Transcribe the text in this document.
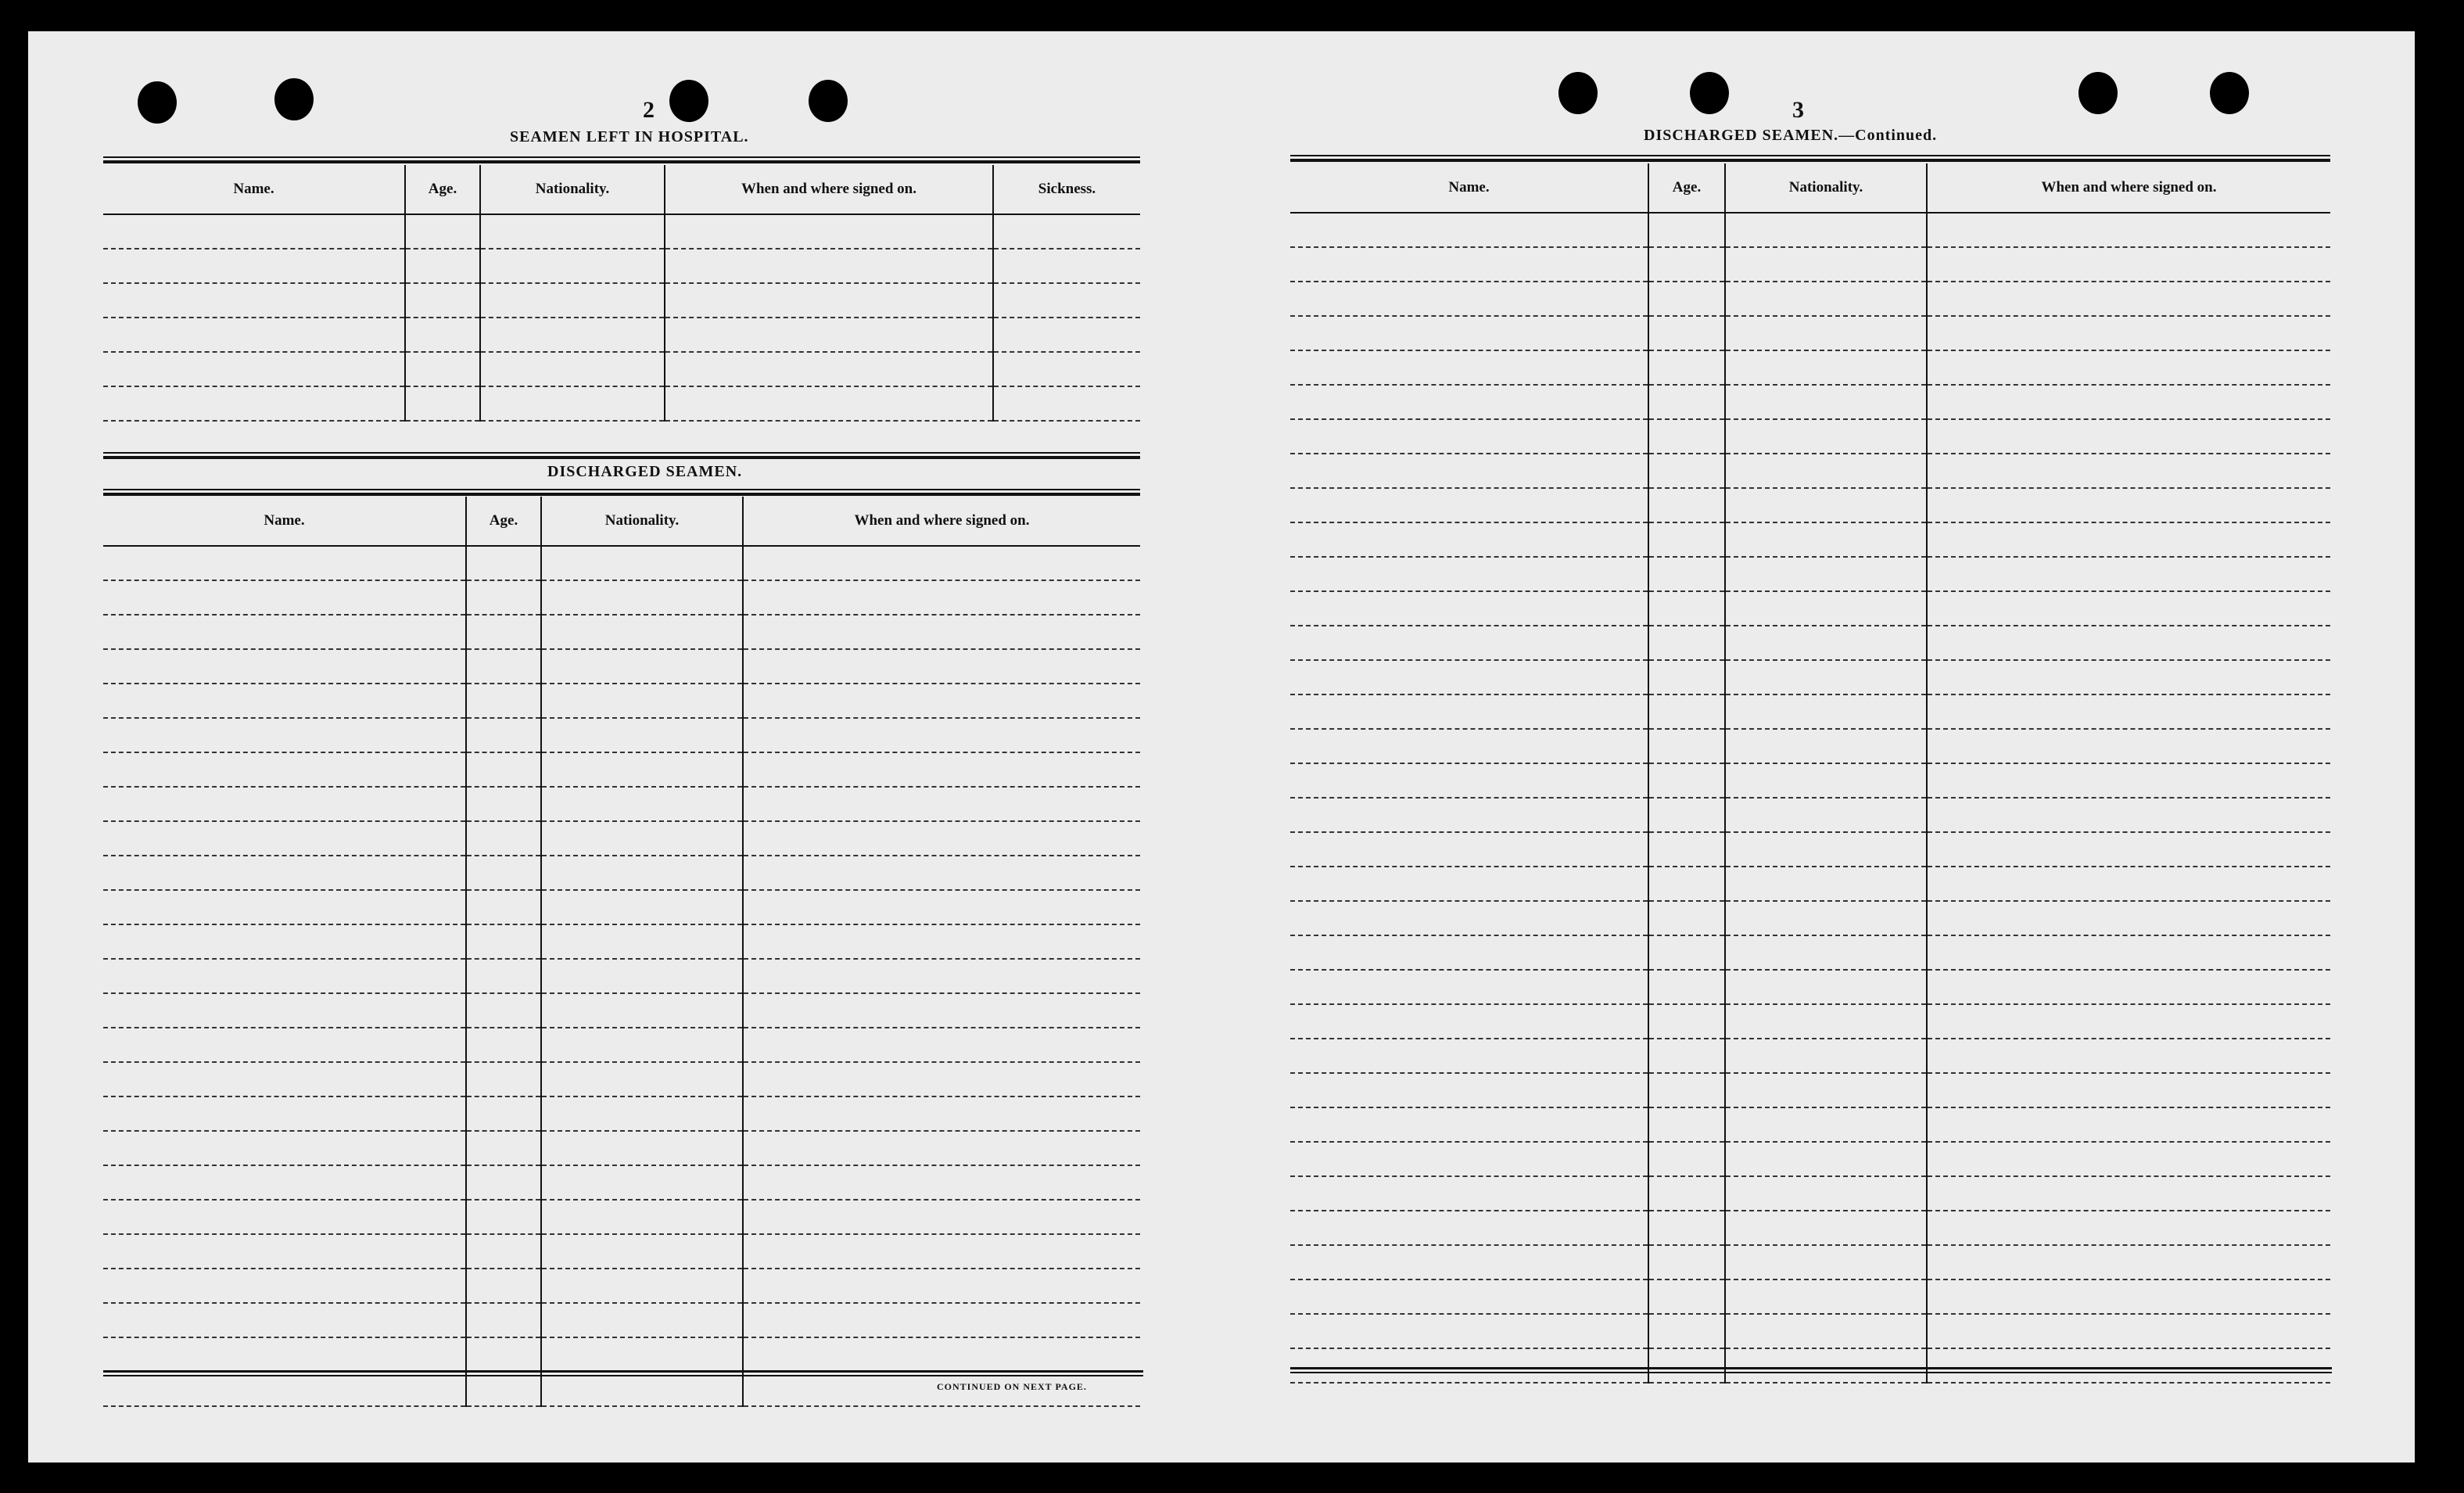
2
SEAMEN LEFT IN HOSPITAL.
Name.	Age.	Nationality.	When and where signed on.	Sickness.

DISCHARGED SEAMEN.
Name.	Age.	Nationality.	When and where signed on.

CONTINUED ON NEXT PAGE.
3
DISCHARGED SEAMEN.—Continued.
Name.	Age.	Nationality.	When and where signed on.
